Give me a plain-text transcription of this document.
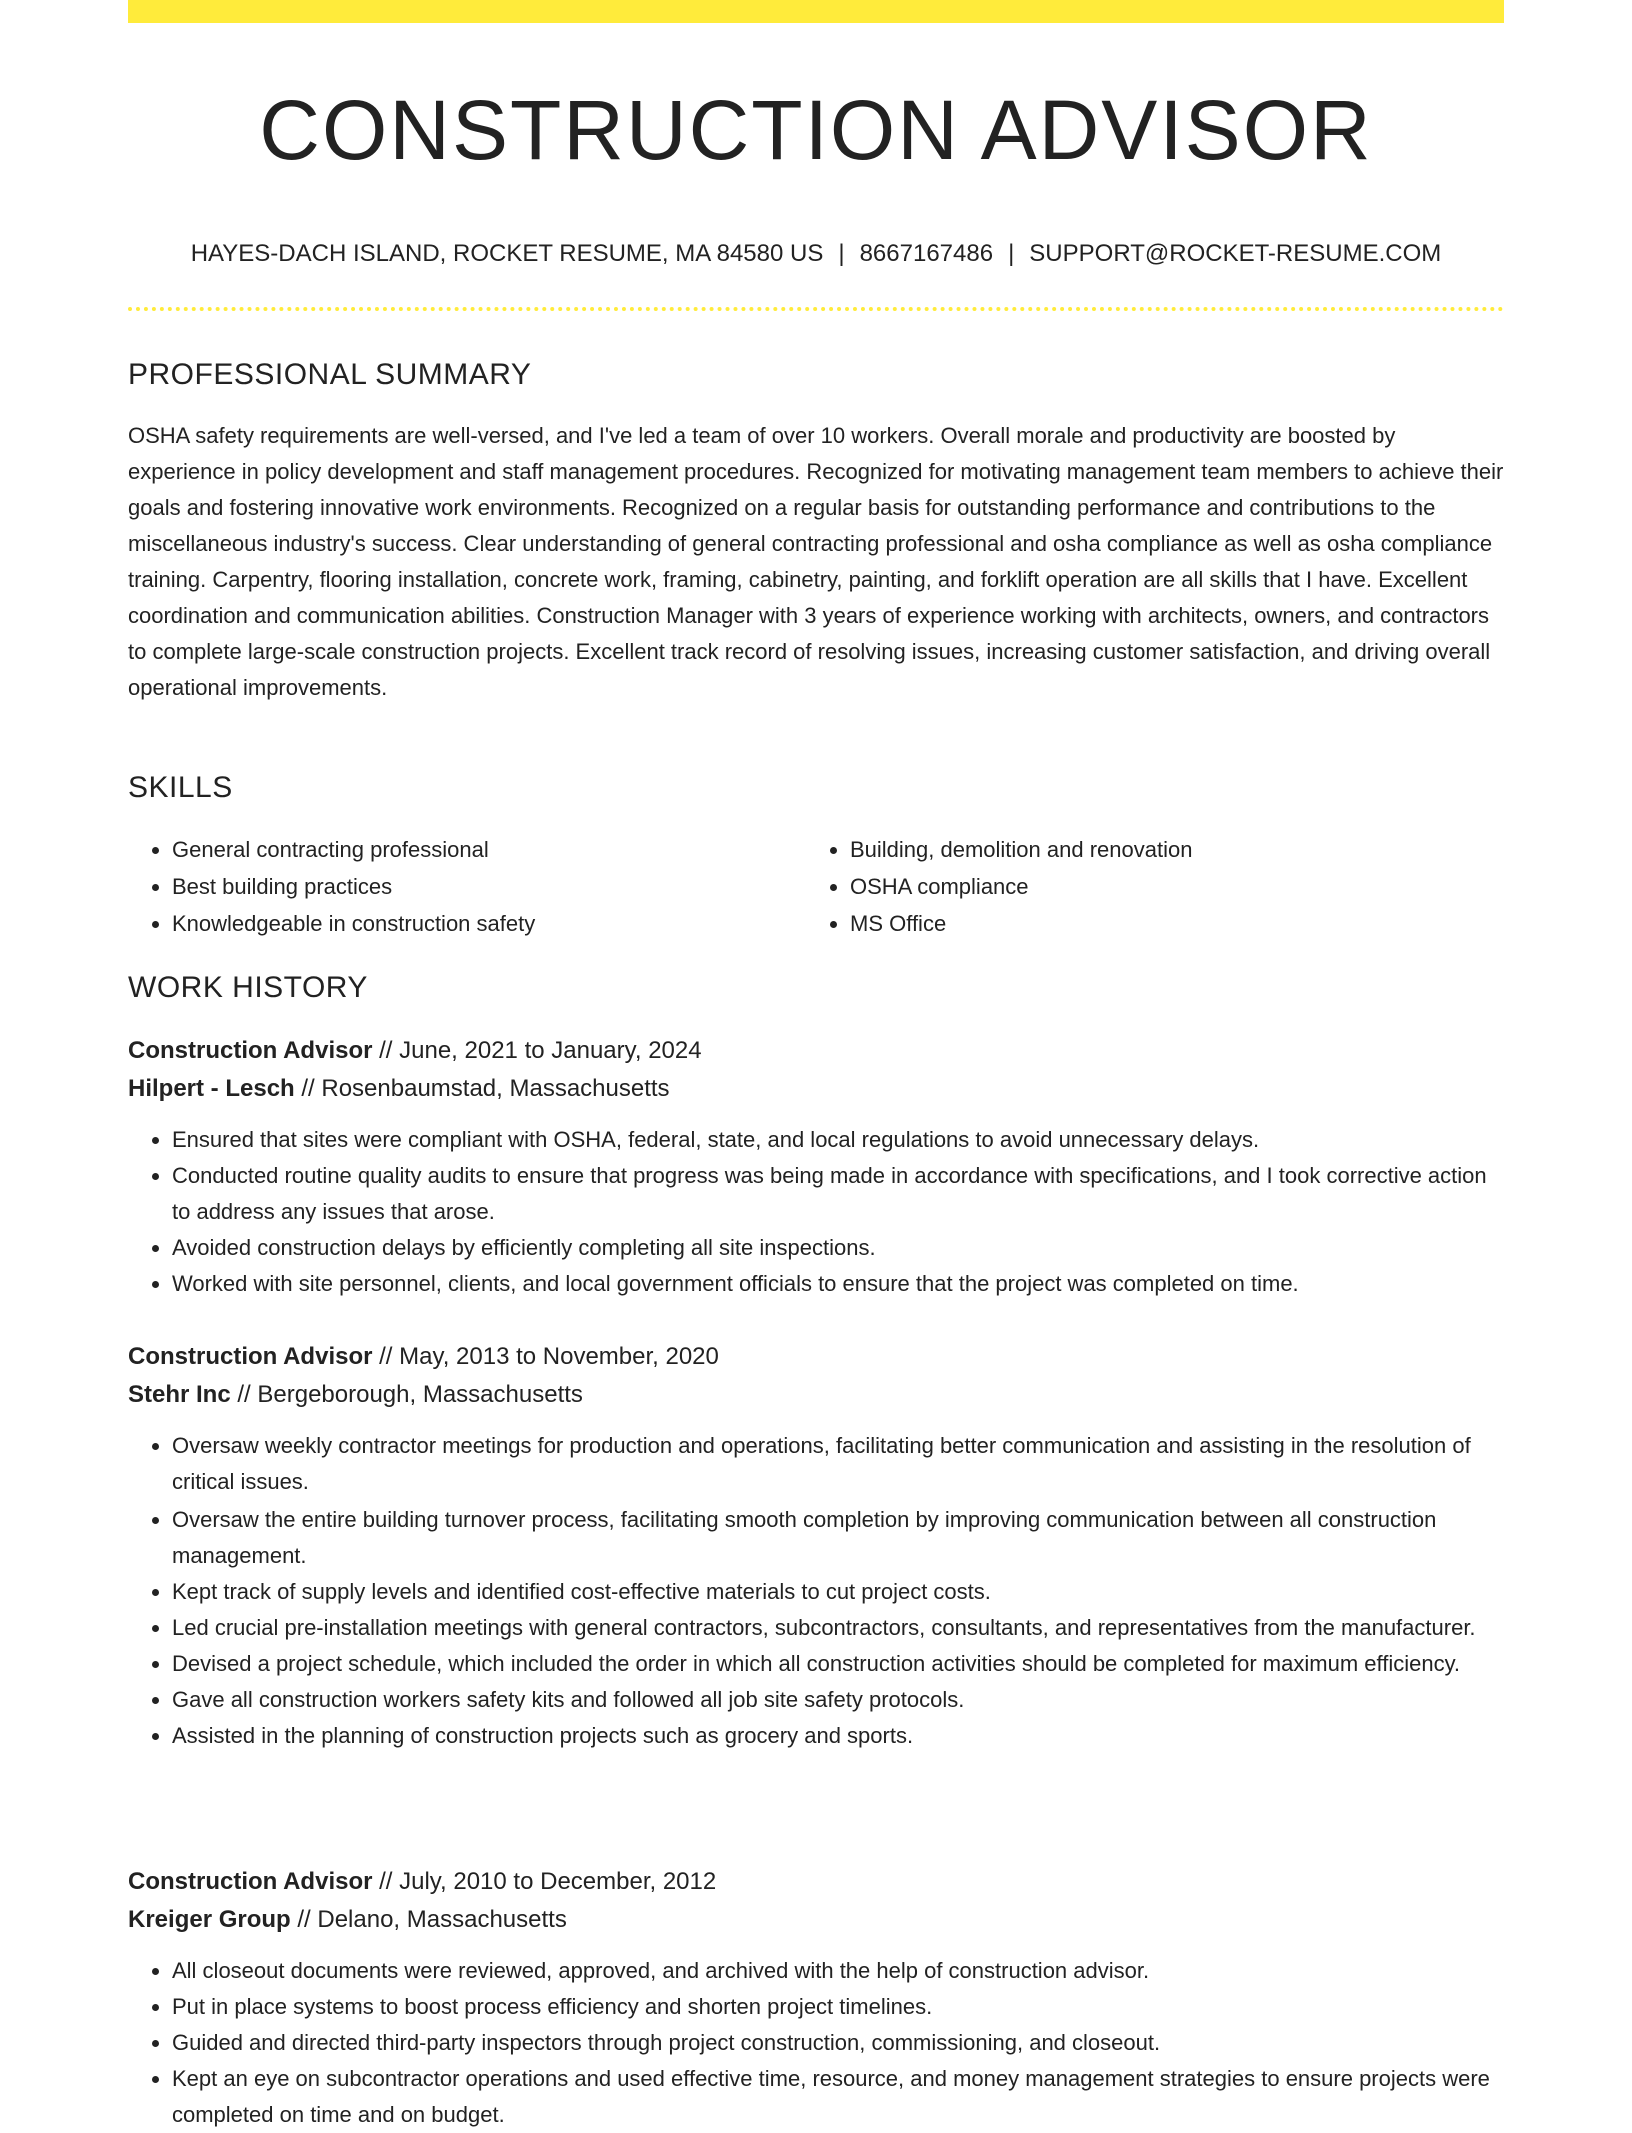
CONSTRUCTION ADVISOR
HAYES-DACH ISLAND, ROCKET RESUME, MA 84580 US | 8667167486 | SUPPORT@ROCKET-RESUME.COM
PROFESSIONAL SUMMARY

OSHA safety requirements are well-versed, and I've led a team of over 10 workers. Overall morale and productivity are boosted by experience in policy development and staff management procedures. Recognized for motivating management team members to achieve their goals and fostering innovative work environments. Recognized on a regular basis for outstanding performance and contributions to the miscellaneous industry's success. Clear understanding of general contracting professional and osha compliance as well as osha compliance training. Carpentry, flooring installation, concrete work, framing, cabinetry, painting, and forklift operation are all skills that I have. Excellent coordination and communication abilities. Construction Manager with 3 years of experience working with architects, owners, and contractors to complete large-scale construction projects. Excellent track record of resolving issues, increasing customer satisfaction, and driving overall operational improvements.

SKILLS
• General contracting professional
• Best building practices
• Knowledgeable in construction safety
• Building, demolition and renovation
• OSHA compliance
• MS Office
WORK HISTORY
Construction Advisor // June, 2021 to January, 2024
Hilpert - Lesch // Rosenbaumstad, Massachusetts
• Ensured that sites were compliant with OSHA, federal, state, and local regulations to avoid unnecessary delays.
• Conducted routine quality audits to ensure that progress was being made in accordance with specifications, and I took corrective action to address any issues that arose.
• Avoided construction delays by efficiently completing all site inspections.
• Worked with site personnel, clients, and local government officials to ensure that the project was completed on time.
Construction Advisor // May, 2013 to November, 2020
Stehr Inc // Bergeborough, Massachusetts
• Oversaw weekly contractor meetings for production and operations, facilitating better communication and assisting in the resolution of critical issues.
• Oversaw the entire building turnover process, facilitating smooth completion by improving communication between all construction management.
• Kept track of supply levels and identified cost-effective materials to cut project costs.
• Led crucial pre-installation meetings with general contractors, subcontractors, consultants, and representatives from the manufacturer.
• Devised a project schedule, which included the order in which all construction activities should be completed for maximum efficiency.
• Gave all construction workers safety kits and followed all job site safety protocols.
• Assisted in the planning of construction projects such as grocery and sports.
Construction Advisor // July, 2010 to December, 2012
Kreiger Group // Delano, Massachusetts
• All closeout documents were reviewed, approved, and archived with the help of construction advisor.
• Put in place systems to boost process efficiency and shorten project timelines.
• Guided and directed third-party inspectors through project construction, commissioning, and closeout.
• Kept an eye on subcontractor operations and used effective time, resource, and money management strategies to ensure projects were completed on time and on budget.
